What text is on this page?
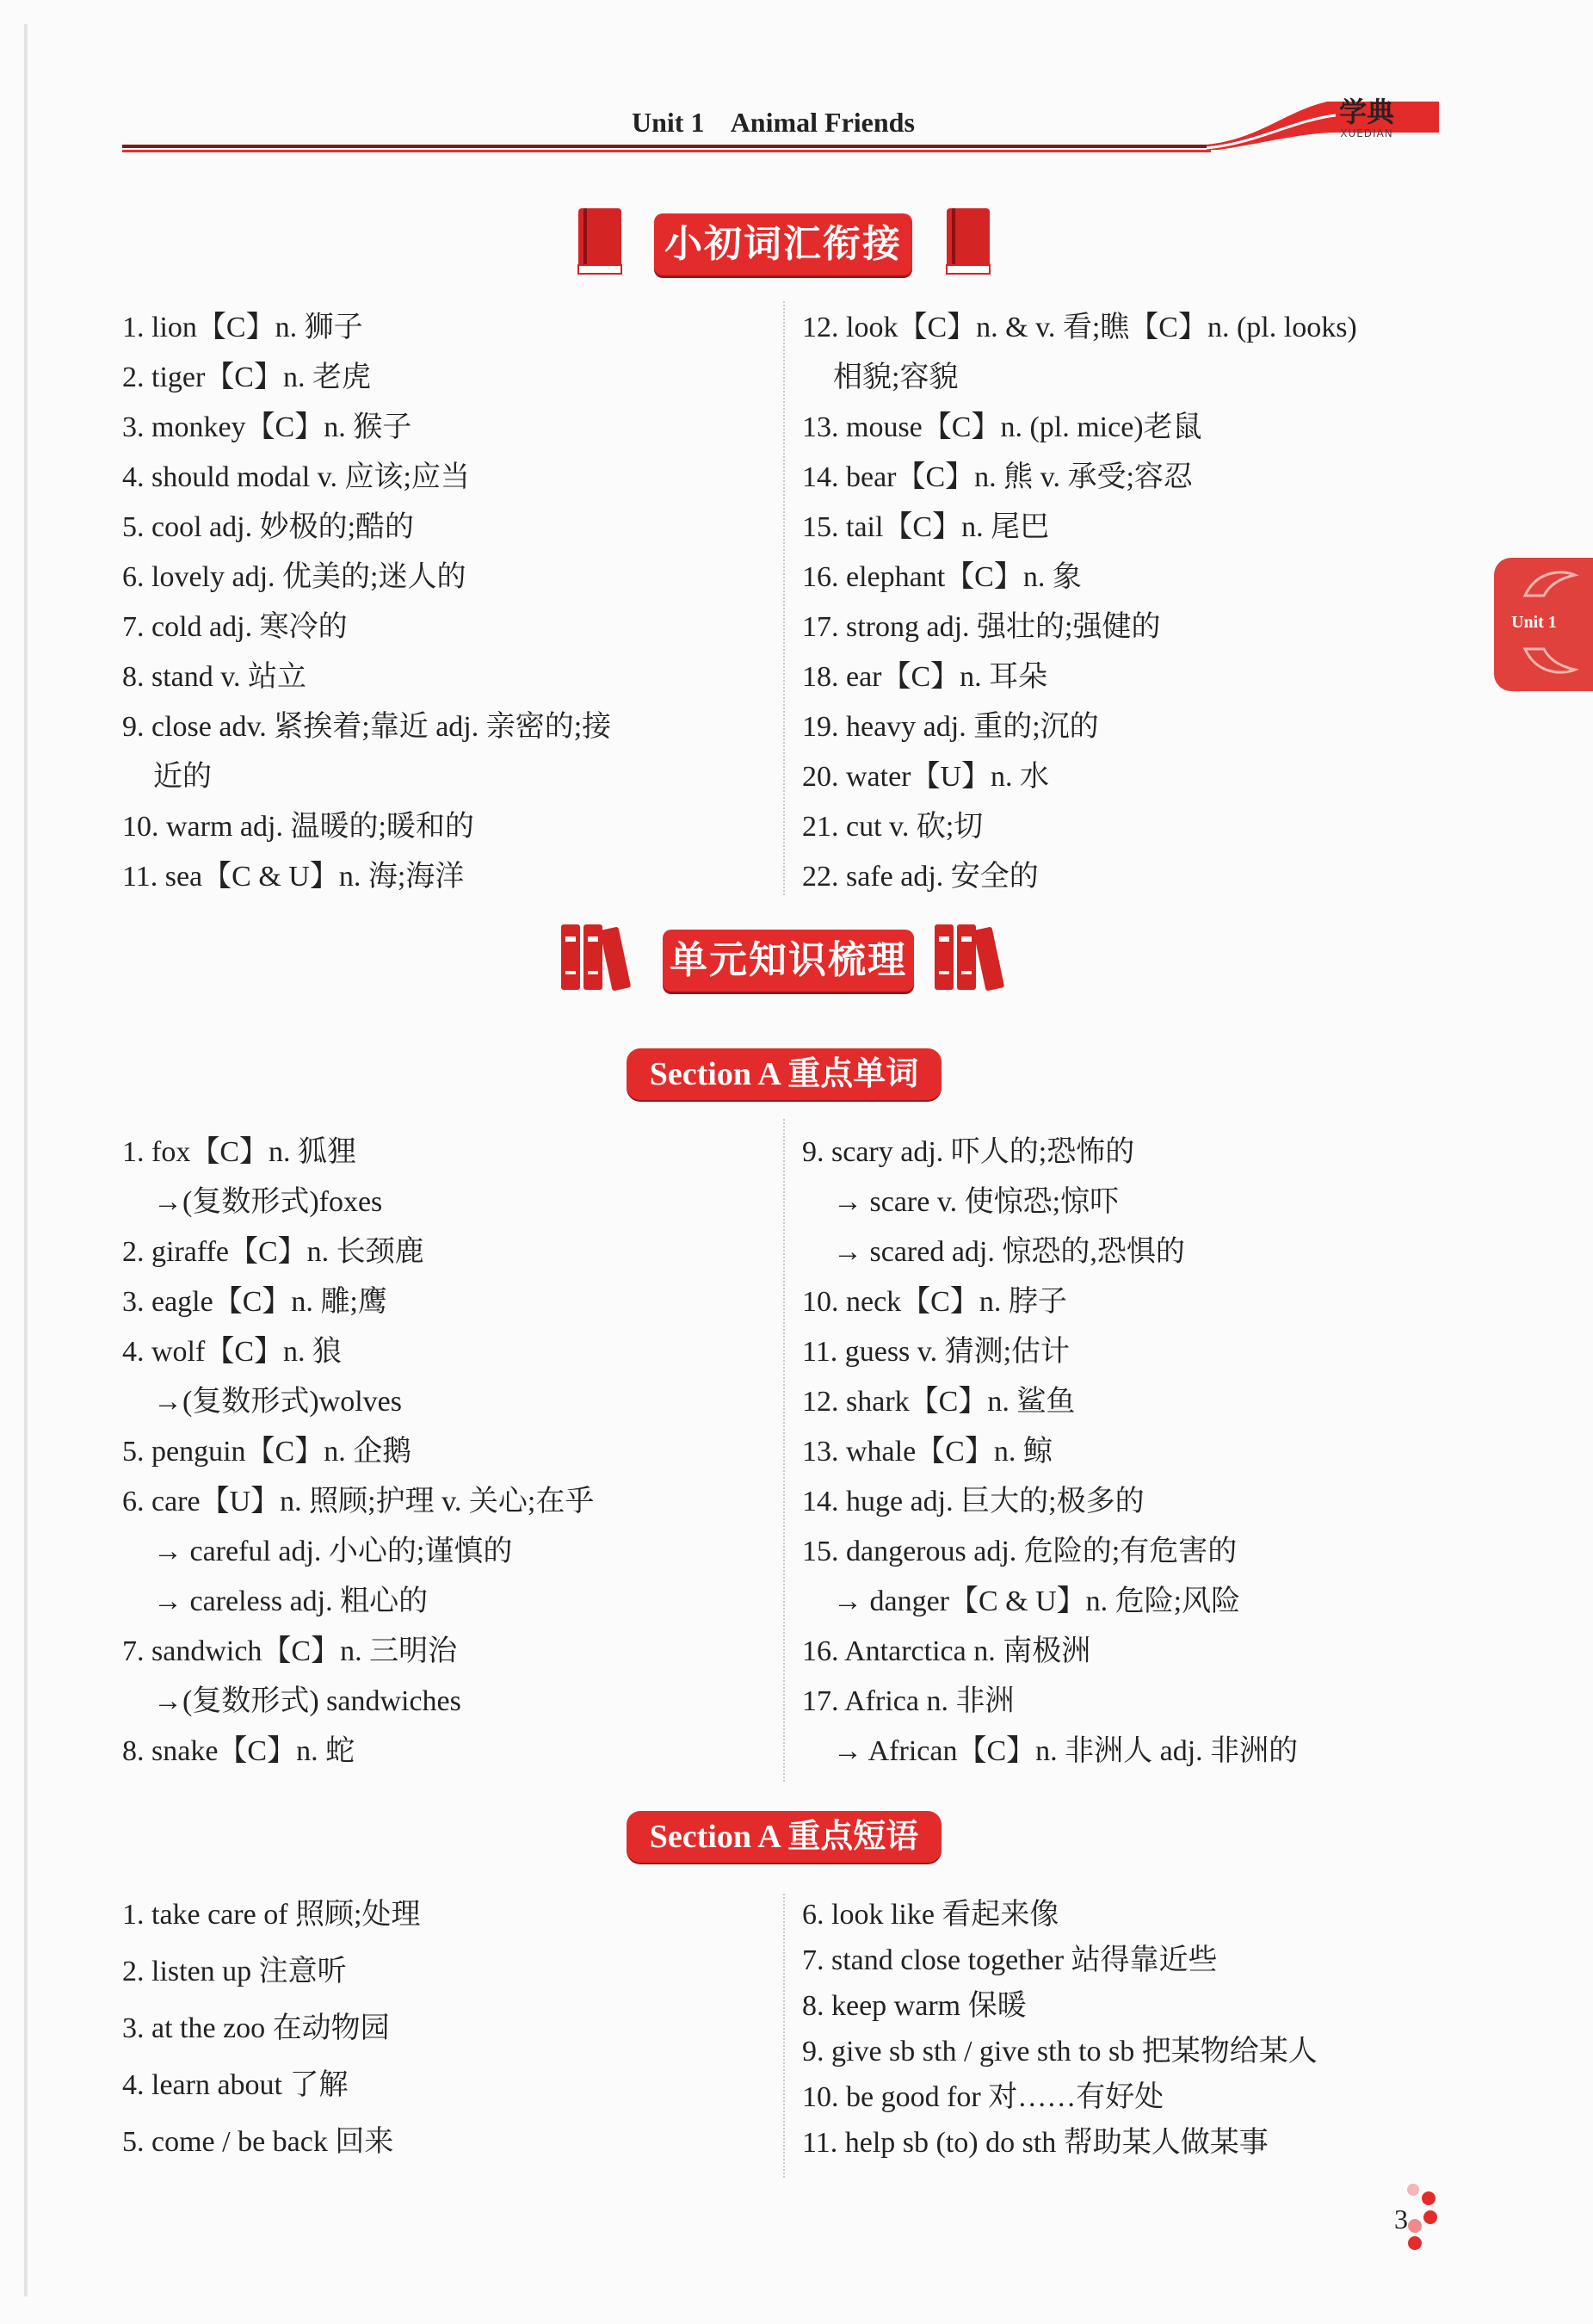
Unit 1    Animal Friends	学典
XUEDIAN
小初词汇衔接
1. lion【C】n. 狮子
2. tiger【C】n. 老虎
3. monkey【C】n. 猴子
4. should modal v. 应该;应当
5. cool adj. 妙极的;酷的
6. lovely adj. 优美的;迷人的
7. cold adj. 寒冷的
8. stand v. 站立
9. close adv. 紧挨着;靠近 adj. 亲密的;接
近的
10. warm adj. 温暖的;暖和的
11. sea【C & U】n. 海;海洋
12. look【C】n. & v. 看;瞧【C】n. (pl. looks)
相貌;容貌
13. mouse【C】n. (pl. mice)老鼠
14. bear【C】n. 熊 v. 承受;容忍
15. tail【C】n. 尾巴
16. elephant【C】n. 象
17. strong adj. 强壮的;强健的
18. ear【C】n. 耳朵
19. heavy adj. 重的;沉的
20. water【U】n. 水
21. cut v. 砍;切
22. safe adj. 安全的
单元知识梳理
Section A 重点单词
1. fox【C】n. 狐狸
→(复数形式)foxes
2. giraffe【C】n. 长颈鹿
3. eagle【C】n. 雕;鹰
4. wolf【C】n. 狼
→(复数形式)wolves
5. penguin【C】n. 企鹅
6. care【U】n. 照顾;护理 v. 关心;在乎
→ careful adj. 小心的;谨慎的
→ careless adj. 粗心的
7. sandwich【C】n. 三明治
→(复数形式) sandwiches
8. snake【C】n. 蛇
9. scary adj. 吓人的;恐怖的
→ scare v. 使惊恐;惊吓
→ scared adj. 惊恐的,恐惧的
10. neck【C】n. 脖子
11. guess v. 猜测;估计
12. shark【C】n. 鲨鱼
13. whale【C】n. 鲸
14. huge adj. 巨大的;极多的
15. dangerous adj. 危险的;有危害的
→ danger【C & U】n. 危险;风险
16. Antarctica n. 南极洲
17. Africa n. 非洲
→ African【C】n. 非洲人 adj. 非洲的
Section A 重点短语
1. take care of 照顾;处理
2. listen up 注意听
3. at the zoo 在动物园
4. learn about 了解
5. come / be back 回来
6. look like 看起来像
7. stand close together 站得靠近些
8. keep warm 保暖
9. give sb sth / give sth to sb 把某物给某人
10. be good for 对……有好处
11. help sb (to) do sth 帮助某人做某事
Unit 1
3
